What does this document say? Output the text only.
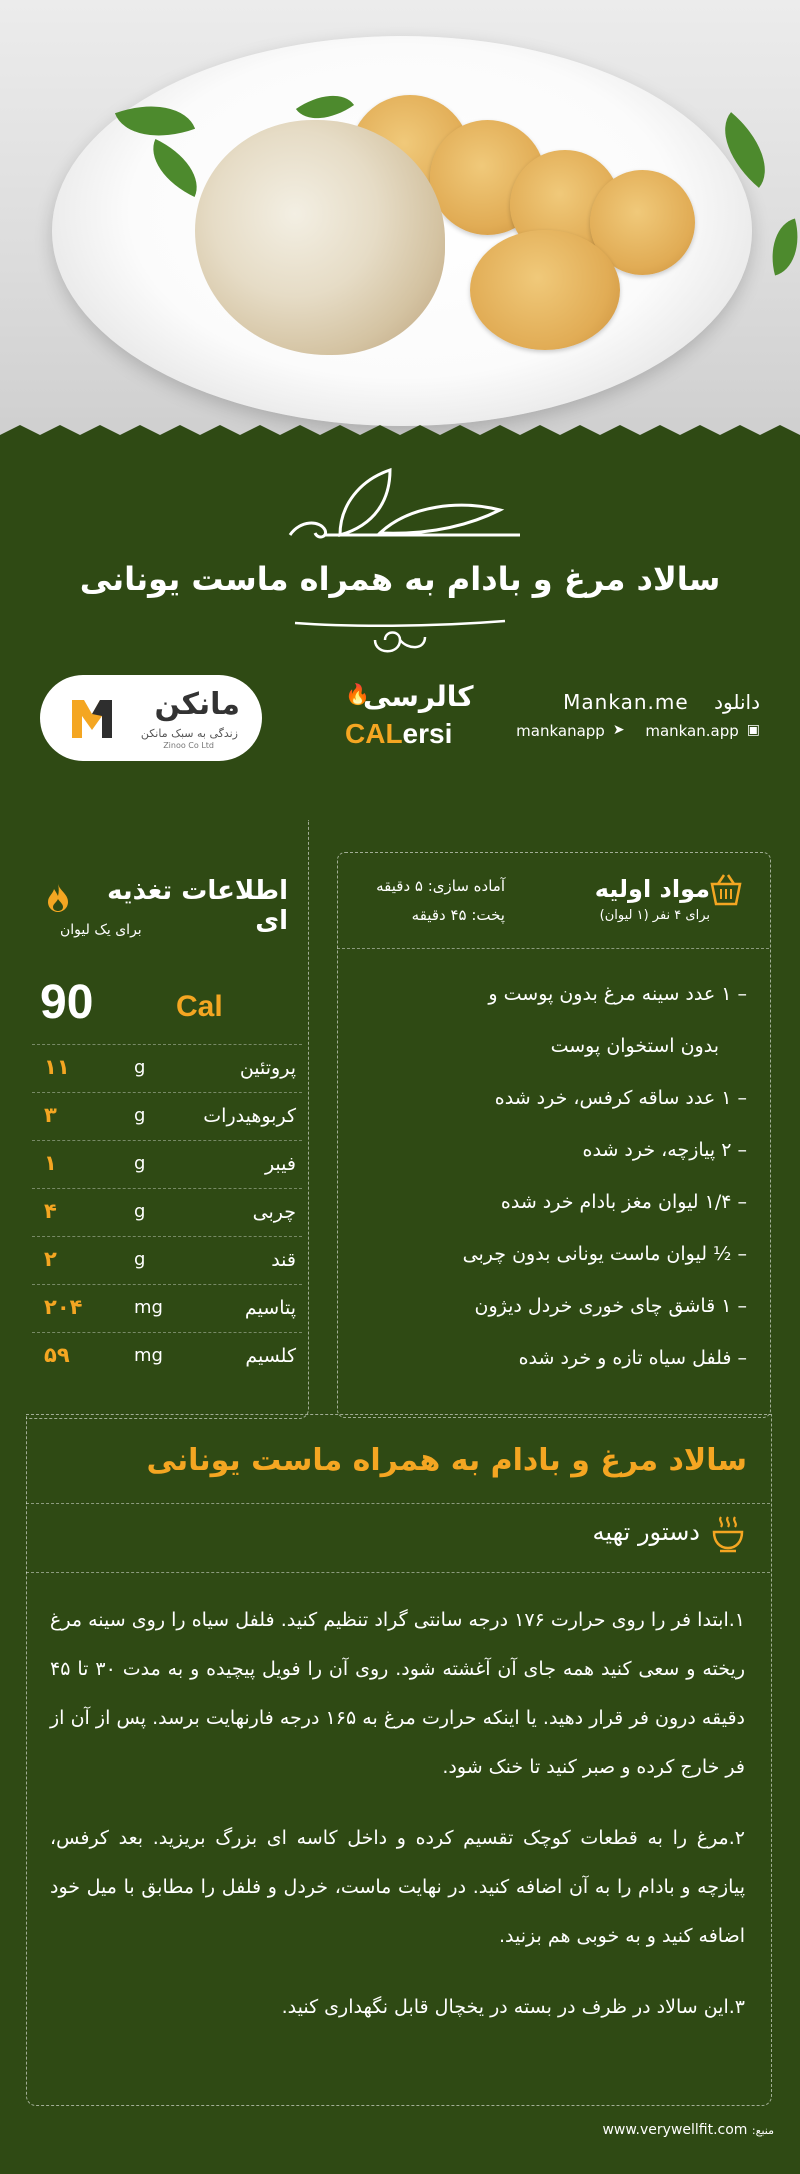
سالاد مرغ و بادام به همراه ماست یونانی
مانکن
زندگی به سبک مانکن
Zinoo Co Ltd
🔥
کالرسی
CALersi
دانلود    Mankan.me
mankanapp ➤
mankan.app ▣
مواد اولیه
برای ۴ نفر (۱ لیوان)
آماده سازی: ۵ دقیقه
پخت: ۴۵ دقیقه
– ۱ عدد سینه مرغ بدون پوست و
بدون استخوان پوست
– ۱ عدد ساقه کرفس، خرد شده
– ۲ پیازچه، خرد شده
– ۱/۴ لیوان مغز بادام خرد شده
– ½ لیوان ماست یونانی بدون چربی
– ۱ قاشق چای خوری خردل دیژون
– فلفل سیاه تازه و خرد شده
اطلاعات تغذیه ای
برای یک لیوان
90	Cal
۱۱	g	پروتئین
۳	g	کربوهیدرات
۱	g	فیبر
۴	g	چربی
۲	g	قند
۲۰۴	mg	پتاسیم
۵۹	mg	کلسیم
سالاد مرغ و بادام به همراه ماست یونانی
دستور تهیه

۱.ابتدا فر را روی حرارت ۱۷۶ درجه سانتی گراد تنظیم کنید. فلفل سیاه را روی سینه مرغ ریخته و سعی کنید همه جای آن آغشته شود. روی آن را فویل پیچیده و به مدت ۳۰ تا ۴۵ دقیقه درون فر قرار دهید. یا اینکه حرارت مرغ به ۱۶۵ درجه فارنهایت برسد. پس از آن از فر خارج کرده و صبر کنید تا خنک شود.

۲.مرغ را به قطعات کوچک تقسیم کرده و داخل کاسه ای بزرگ بریزید. بعد کرفس، پیازچه و بادام را به آن اضافه کنید. در نهایت ماست، خردل و فلفل را مطابق با میل خود اضافه کنید و به خوبی هم بزنید.

۳.این سالاد در ظرف در بسته در یخچال قابل نگهداری کنید.

منبع: www.verywellfit.com
